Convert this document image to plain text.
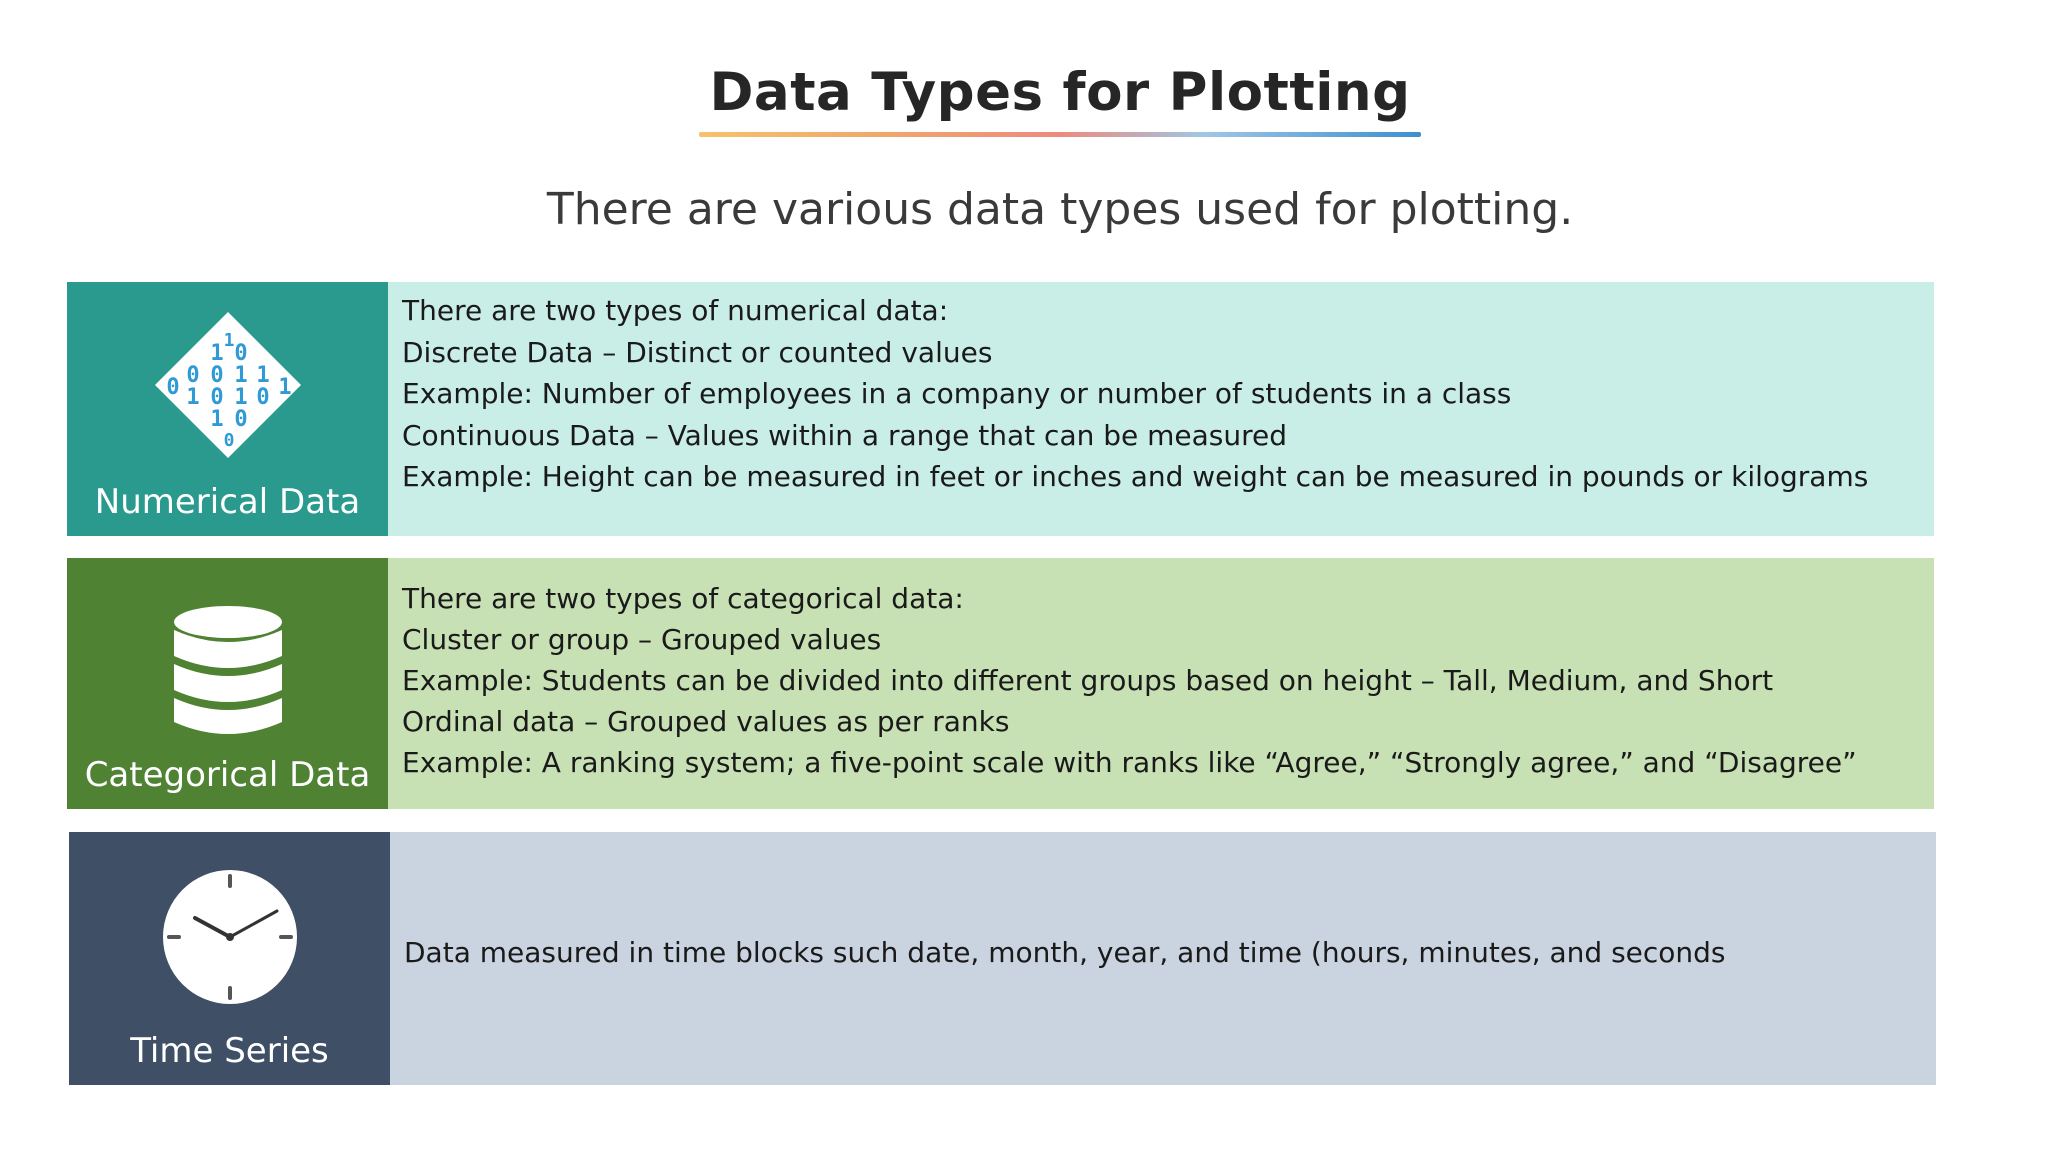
Data Types for Plotting
There are various data types used for plotting.
1 0
0 0 1 1
0 1 0 1 0 1
1 0
1
0
Numerical Data
There are two types of numerical data:
Discrete Data – Distinct or counted values
Example: Number of employees in a company or number of students in a class
Continuous Data – Values within a range that can be measured
Example: Height can be measured in feet or inches and weight can be measured in pounds or kilograms
Categorical Data
There are two types of categorical data:
Cluster or group – Grouped values
Example: Students can be divided into different groups based on height – Tall, Medium, and Short
Ordinal data – Grouped values as per ranks
Example: A ranking system; a five-point scale with ranks like “Agree,” “Strongly agree,” and “Disagree”
Time Series
Data measured in time blocks such date, month, year, and time (hours, minutes, and seconds
